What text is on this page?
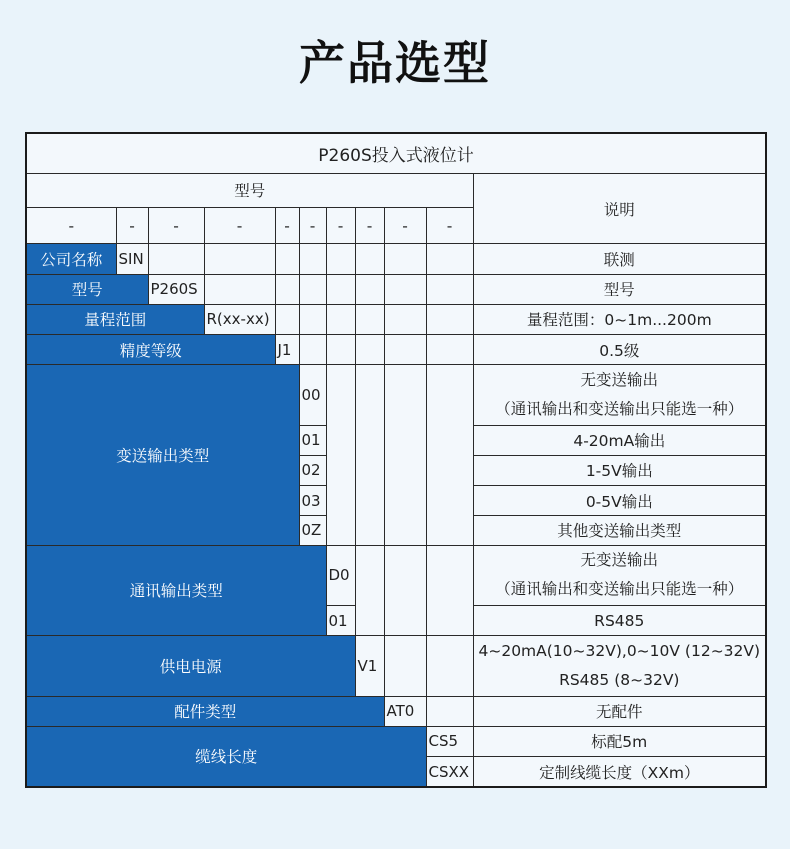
产品选型
P260S投入式液位计										
型号										说明
-	-	-	-	-	-	-	-	-	-	
公司名称	SIN									联测
型号		P260S								型号
量程范围			R(xx-xx)							量程范围：0~1m...200m
精度等级				J1						0.5级
变送输出类型					00					无变送输出
（通讯输出和变送输出只能选一种）

					01					4-20mA输出
					02					1-5V输出
					03					0-5V输出
					0Z					其他变送输出类型
通讯输出类型						D0				无变送输出
（通讯输出和变送输出只能选一种）

						01				RS485
供电电源							V1			4~20mA(10~32V),0~10V (12~32V)
RS485 (8~32V)

配件类型								AT0		无配件
缆线长度									CS5	标配5m
									CSXX	定制线缆长度（XXm）
